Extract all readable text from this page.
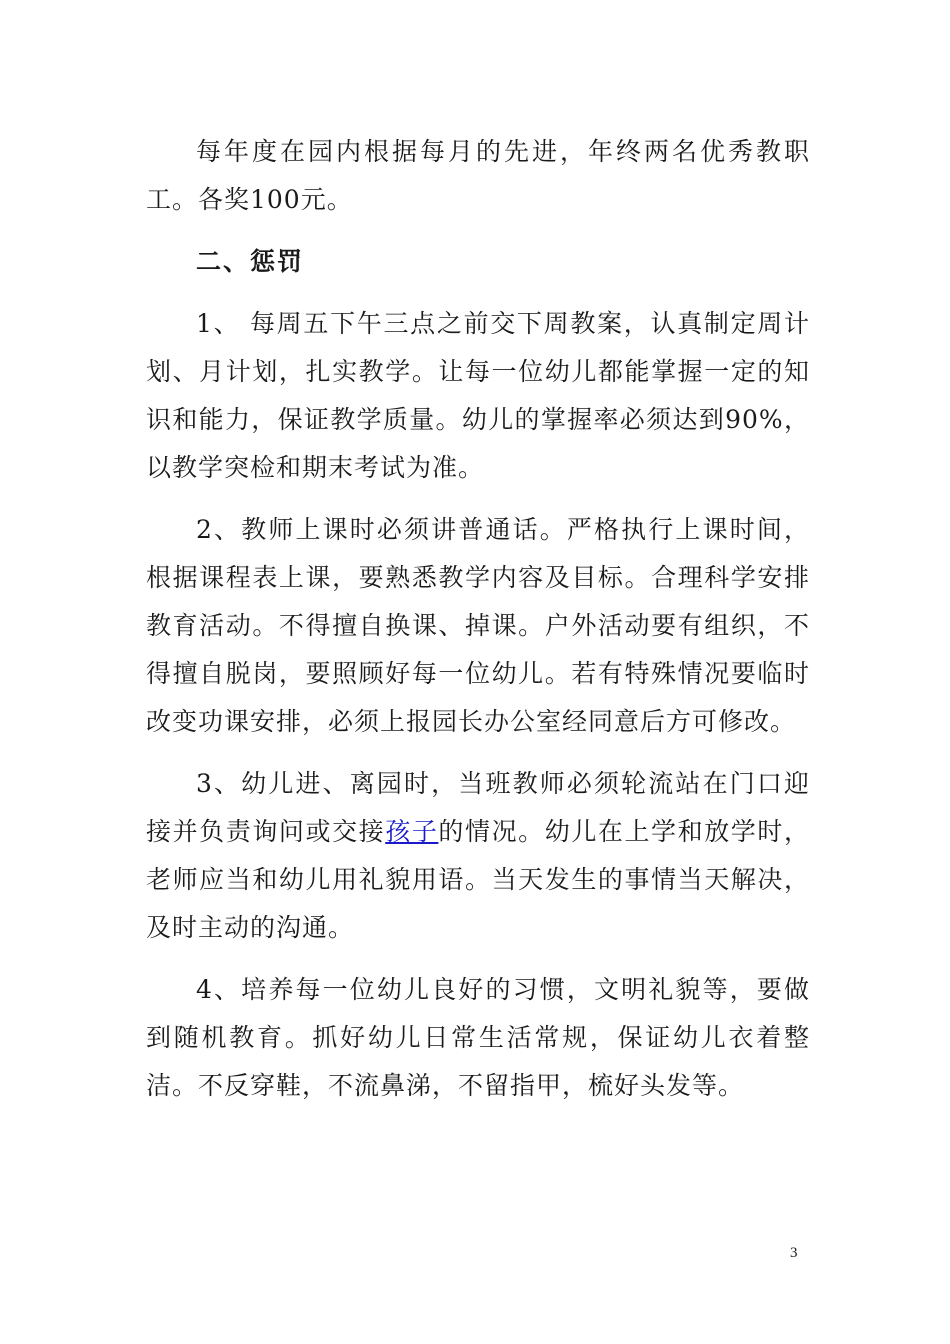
每年度在园内根据每月的先进，年终两名优秀教职工。各奖100元。

二、惩罚

1、 每周五下午三点之前交下周教案，认真制定周计划、月计划，扎实教学。让每一位幼儿都能掌握一定的知识和能力，保证教学质量。幼儿的掌握率必须达到90%，以教学突检和期末考试为准。

2、教师上课时必须讲普通话。严格执行上课时间，根据课程表上课，要熟悉教学内容及目标。合理科学安排教育活动。不得擅自换课、掉课。户外活动要有组织，不得擅自脱岗，要照顾好每一位幼儿。若有特殊情况要临时改变功课安排，必须上报园长办公室经同意后方可修改。

3、幼儿进、离园时，当班教师必须轮流站在门口迎接并负责询问或交接孩子的情况。幼儿在上学和放学时，老师应当和幼儿用礼貌用语。当天发生的事情当天解决，及时主动的沟通。

4、培养每一位幼儿良好的习惯，文明礼貌等，要做到随机教育。抓好幼儿日常生活常规，保证幼儿衣着整洁。不反穿鞋，不流鼻涕，不留指甲，梳好头发等。

3
